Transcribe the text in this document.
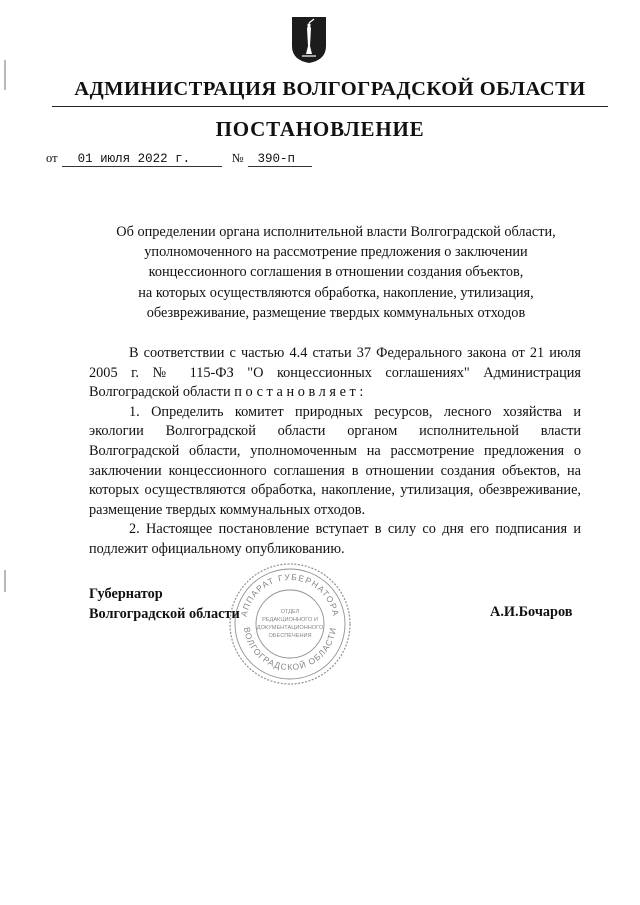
АДМИНИСТРАЦИЯ ВОЛГОГРАДСКОЙ ОБЛАСТИ
ПОСТАНОВЛЕНИЕ
от 01 июля 2022 г.	№ 390-п
Об определении органа исполнительной власти Волгоградской области,
уполномоченного на рассмотрение предложения о заключении
концессионного соглашения в отношении создания объектов,
на которых осуществляются обработка, накопление, утилизация,
обезвреживание, размещение твердых коммунальных отходов

В соответствии с частью 4.4 статьи 37 Федерального закона от 21 июля 2005 г. № 115-ФЗ "О концессионных соглашениях" Администрация Волгоградской области постановляет:

1. Определить комитет природных ресурсов, лесного хозяйства и экологии Волгоградской области органом исполнительной власти Волгоградской области, уполномоченным на рассмотрение предложения о заключении концессионного соглашения в отношении создания объектов, на которых осуществляются обработка, накопление, утилизация, обезвреживание, размещение твердых коммунальных отходов.

2. Настоящее постановление вступает в силу со дня его подписания и подлежит официальному опубликованию.

Губернатор
Волгоградской области
АППАРАТ ГУБЕРНАТОРА
ВОЛГОГРАДСКОЙ ОБЛАСТИ
ОТДЕЛ
РЕДАКЦИОННОГО И
ДОКУМЕНТАЦИОННОГО
ОБЕСПЕЧЕНИЯ
А.И.Бочаров
